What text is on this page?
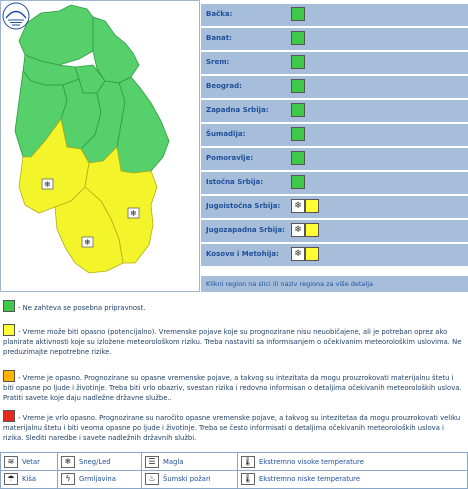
❄
❄
❄
Bačka:
Banat:
Srem:
Beograd:
Zapadna Srbija:
Šumadija:
Pomoravlje:
Istočna Srbija:
Jugoistočna Srbija:	❄
Jugozapadna Srbija:	❄
Kosovo i Metohija:	❄
Klikni region na slici ili naziv regiona za više detalja
- Ne zahteva se posebna pripravnost.
- Vreme može biti opasno (potencijalno). Vremenske pojave koje su prognozirane nisu neuobičajene, ali je potreban oprez ako planirate aktivnosti koje su izložene meteorološkom riziku. Treba nastaviti sa informisanjem o očekivanim meteorološkim uslovima. Ne preduzimajte nepotrebne rizike.
- Vreme je opasno. Prognozirane su opasne vremenske pojave, a takvog su intezitata da mogu prouzrokovati materijalnu štetu i biti opasne po ljude i životinje. Treba biti vrlo obazriv, svestan rizika i redovno informisan o detaljima očekivanih meteoroloških uslova. Pratiti savete koje daju nadležne državne službe..
- Vreme je vrlo opasno. Prognozirane su naročito opasne vremenske pojave, a takvog su intezitetaa da mogu prouzrokovati veliku materijalnu štetu i biti veoma opasne po ljude i životinje. Treba se često informisati o detaljima očekivanih meteoroloških uslova i rizika. Slediti naredbe i savete nadležnih državnih službi.
≋	Vetar	❄	Sneg/Led	☰	Magla	🌡 Ekstremno visoke temperature
☂	Kiša	ϟ	Grmljavina	♨	Šumski požari	🌡 Ekstremno niske temperature
